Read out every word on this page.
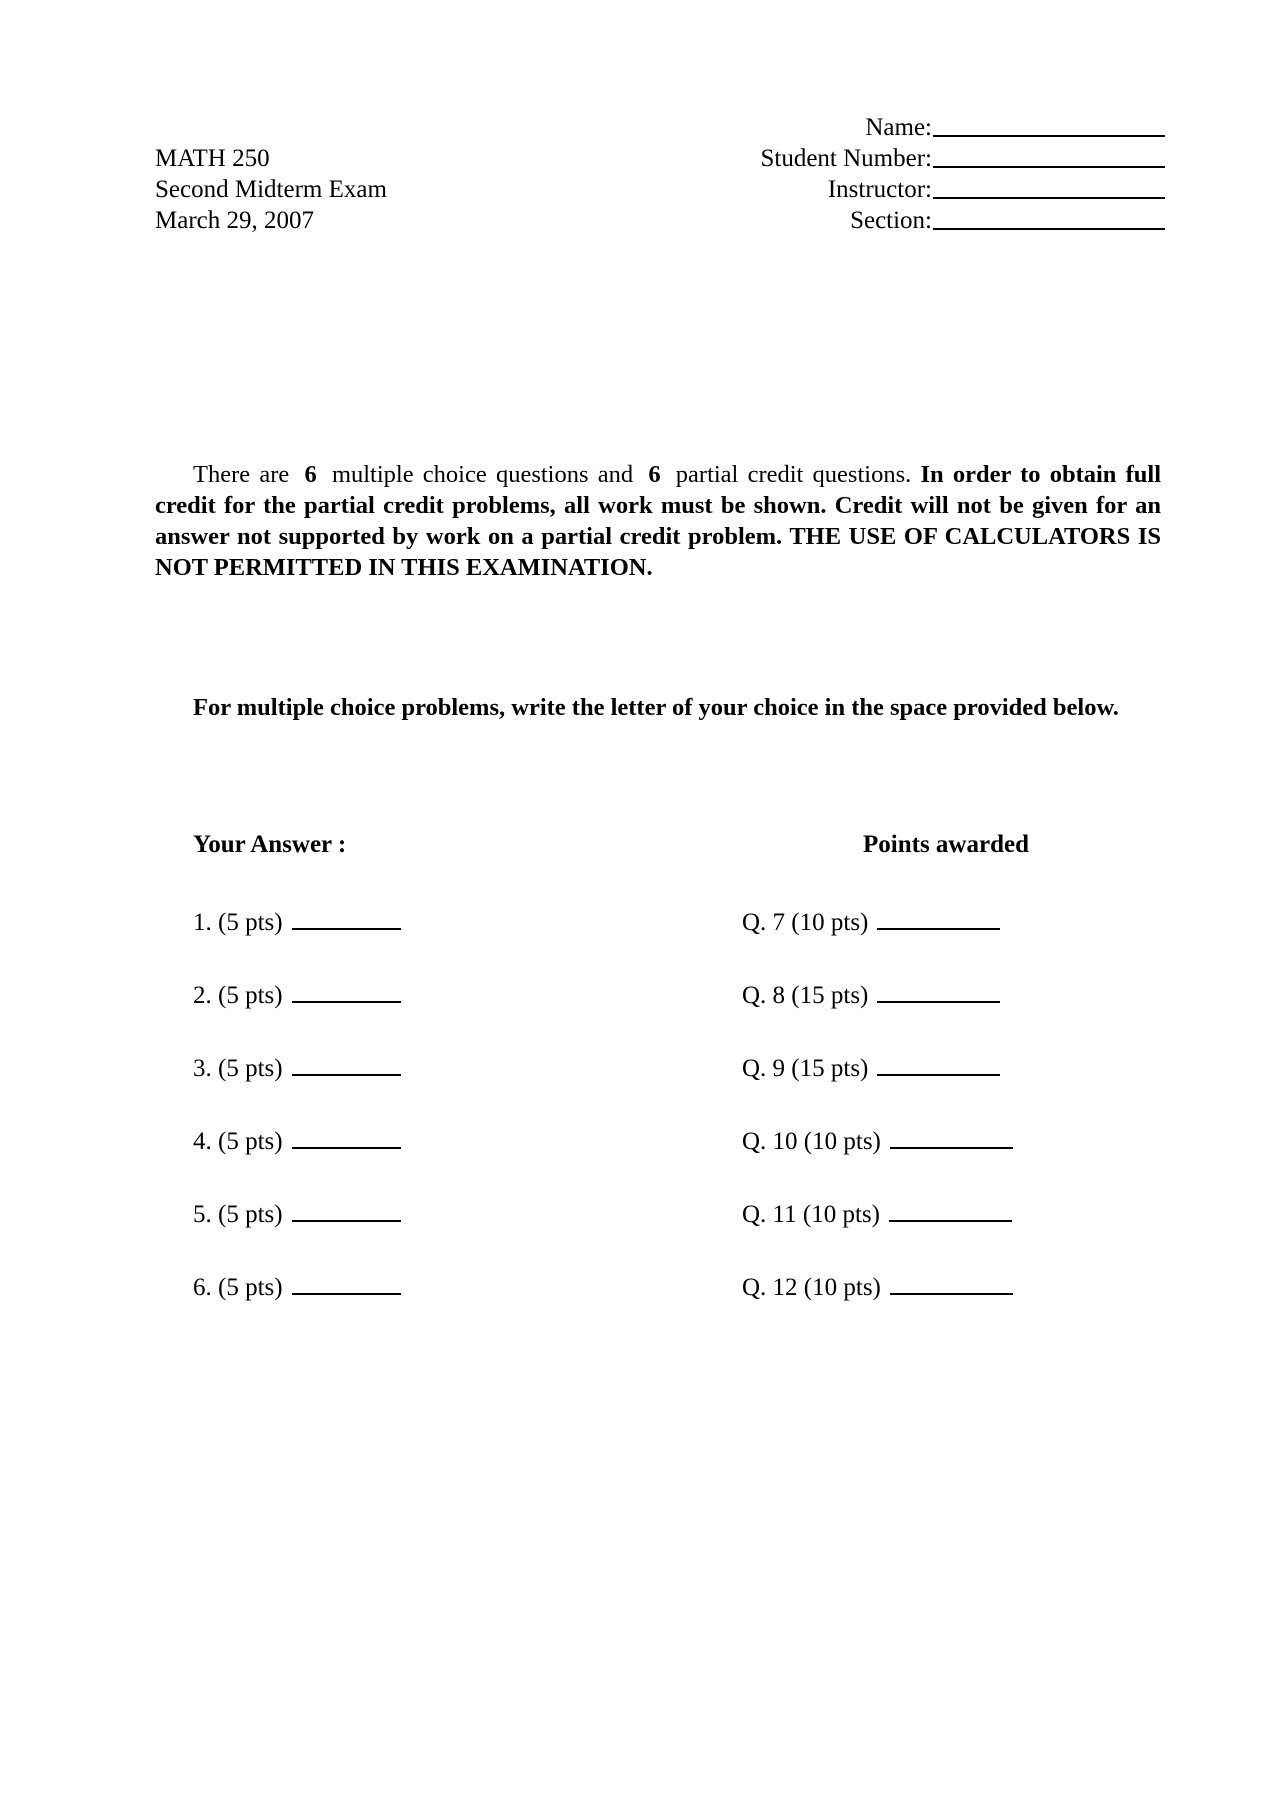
MATH 250
Second Midterm Exam
March 29, 2007
Name:
Student Number:
Instructor:
Section:
There are 6 multiple choice questions and 6 partial credit questions. In order to obtain full credit for the partial credit problems, all work must be shown. Credit will not be given for an answer not supported by work on a partial credit problem. THE USE OF CALCULATORS IS NOT PERMITTED IN THIS EXAMINATION.
For multiple choice problems, write the letter of your choice in the space provided below.
Your Answer :	Points awarded
1. (5 pts)
2. (5 pts)
3. (5 pts)
4. (5 pts)
5. (5 pts)
6. (5 pts)
Q. 7 (10 pts)
Q. 8 (15 pts)
Q. 9 (15 pts)
Q. 10 (10 pts)
Q. 11 (10 pts)
Q. 12 (10 pts)
